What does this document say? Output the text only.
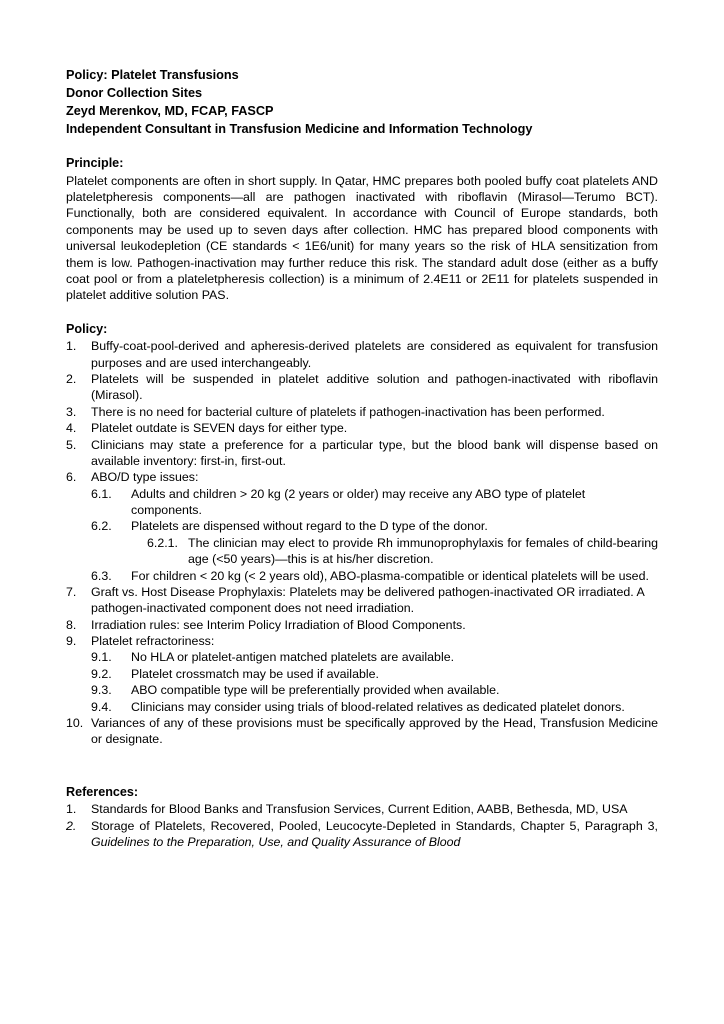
Policy: Platelet Transfusions
Donor Collection Sites
Zeyd Merenkov, MD, FCAP, FASCP
Independent Consultant in Transfusion Medicine and Information Technology
Principle:

Platelet components are often in short supply. In Qatar, HMC prepares both pooled buffy coat platelets AND plateletpheresis components—all are pathogen inactivated with riboflavin (Mirasol—Terumo BCT). Functionally, both are considered equivalent. In accordance with Council of Europe standards, both components may be used up to seven days after collection. HMC has prepared blood components with universal leukodepletion (CE standards < 1E6/unit) for many years so the risk of HLA sensitization from them is low. Pathogen-inactivation may further reduce this risk. The standard adult dose (either as a buffy coat pool or from a plateletpheresis collection) is a minimum of 2.4E11 or 2E11 for platelets suspended in platelet additive solution PAS.

Policy:
1.	Buffy-coat-pool-derived and apheresis-derived platelets are considered as equivalent for transfusion purposes and are used interchangeably.
2.	Platelets will be suspended in platelet additive solution and pathogen-inactivated with riboflavin (Mirasol).
3.	There is no need for bacterial culture of platelets if pathogen-inactivation has been performed.
4.	Platelet outdate is SEVEN days for either type.
5.	Clinicians may state a preference for a particular type, but the blood bank will dispense based on available inventory: first-in, first-out.
6.	ABO/D type issues:
6.1.	Adults and children > 20 kg (2 years or older) may receive any ABO type of platelet components.
6.2.	Platelets are dispensed without regard to the D type of the donor.
6.2.1. The clinician may elect to provide Rh immunoprophylaxis for females of child-bearing age (<50 years)—this is at his/her discretion.
6.3.	For children < 20 kg (< 2 years old), ABO-plasma-compatible or identical platelets will be used.
7.	Graft vs. Host Disease Prophylaxis: Platelets may be delivered pathogen-inactivated OR irradiated. A pathogen-inactivated component does not need irradiation.
8.	Irradiation rules: see Interim Policy Irradiation of Blood Components.
9.	Platelet refractoriness:
9.1.	No HLA or platelet-antigen matched platelets are available.
9.2.	Platelet crossmatch may be used if available.
9.3.	ABO compatible type will be preferentially provided when available.
9.4.	Clinicians may consider using trials of blood-related relatives as dedicated platelet donors.
10. Variances of any of these provisions must be specifically approved by the Head, Transfusion Medicine or designate.
References:
1.	Standards for Blood Banks and Transfusion Services, Current Edition, AABB, Bethesda, MD, USA
2.	Storage of Platelets, Recovered, Pooled, Leucocyte-Depleted in Standards, Chapter 5, Paragraph 3, Guidelines to the Preparation, Use, and Quality Assurance of Blood
